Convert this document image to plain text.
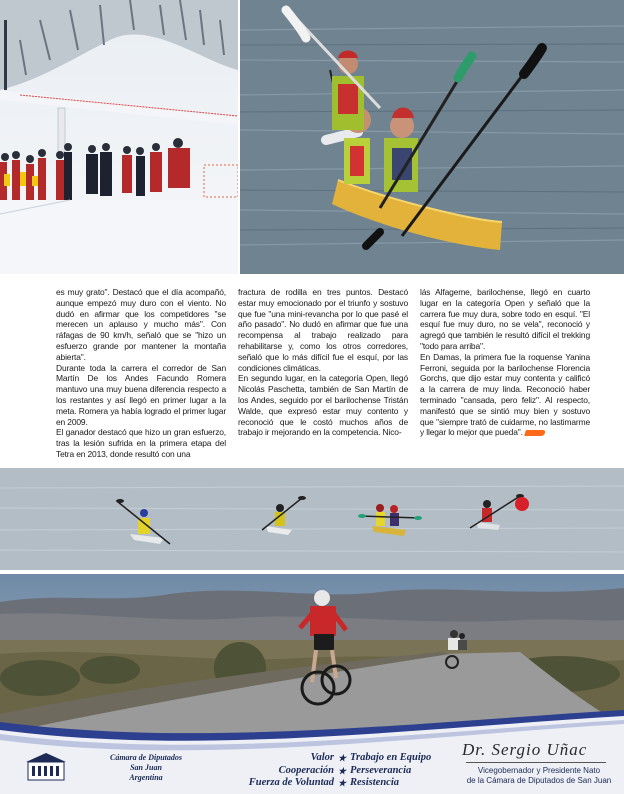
es muy grato". Destacó que el día acompañó, aunque empezó muy duro con el viento. No dudó en afirmar que los competidores "se merecen un aplauso y mucho más". Con ráfagas de 90 km/h, señaló que se "hizo un esfuerzo grande por mantener la montaña abierta".

Durante toda la carrera el corredor de San Martín De los Andes Facundo Romera mantuvo una muy buena diferencia respecto a los restantes y así llegó en primer lugar a la meta. Romera ya había logrado el primer lugar en 2009.

El ganador destacó que hizo un gran esfuerzo, tras la lesión sufrida en la primera etapa del Tetra en 2013, donde resultó con una

fractura de rodilla en tres puntos. Destacó estar muy emocionado por el triunfo y sostuvo que fue "una mini-revancha por lo que pasé el año pasado". No dudó en afirmar que fue una recompensa al trabajo realizado para rehabilitarse y, como los otros corredores, señaló que lo más difícil fue el esquí, por las condiciones climáticas.

En segundo lugar, en la categoría Open, llegó Nicolás Paschetta, también de San Martín de los Andes, seguido por el barilochense Tristán Walde, que expresó estar muy contento y reconoció que le costó muchos años de trabajo ir mejorando en la competencia. Nico-

lás Alfageme, barilochense, llegó en cuarto lugar en la categoría Open y señaló que la carrera fue muy dura, sobre todo en esquí. "El esquí fue muy duro, no se vela", reconoció y agregó que también le resultó difícil el trekking "todo para arriba".

En Damas, la primera fue la roquense Yanina Ferroni, seguida por la barilochense Florencia Gorchs, que dijo estar muy contenta y calificó a la carrera de muy linda. Reconoció haber terminado "cansada, pero feliz". Al respecto, manifestó que se sintió muy bien y sostuvo que "siempre trató de cuidarme, no lastimarme y llegar lo mejor que pueda".

Cámara de Diputados
San Juan
Argentina
Valor ★ Trabajo en Equipo
Cooperación ★ Perseverancia
Fuerza de Voluntad ★ Resistencia
Dr. Sergio Uñac
Vicegobernador y Presidente Nato
de la Cámara de Diputados de San Juan
